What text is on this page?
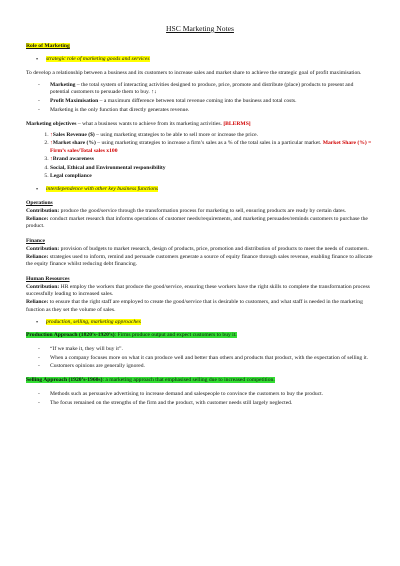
HSC Marketing Notes
Role of Marketing
• strategic role of marketing goods and services

To develop a relationship between a business and its customers to increase sales and market share to achieve the strategic goal of profit maximisation.

- Marketing – the total system of interacting activities designed to produce, price, promote and distribute (place) products to present and potential customers to persuade them to buy. ↑↓
- Profit Maximisation – a maximum difference between total revenue coming into the business and total costs.
- Marketing is the only function that directly generates revenue.

Marketing objectives – what a business wants to achieve from its marketing activities. [BLERMS]

1. ↑Sales Revenue ($) – using marketing strategies to be able to sell more or increase the price.
2. ↑Market share (%) – using marketing strategies to increase a firm’s sales as a % of the total sales in a particular market. Market Share (%) = Firm’s sales/Total sales x100
3. ↑Brand awareness
4. Social, Ethical and Environmental responsibility
5. Legal compliance
• interdependence with other key business functions
Operations

Contribution: produce the good/service through the transformation process for marketing to sell, ensuring products are ready by certain dates.

Reliance: conduct market research that informs operations of customer needs/requirements, and marketing persuades/reminds customers to purchase the product.

Finance

Contribution: provision of budgets to market research, design of products, price, promotion and distribution of products to meet the needs of customers.

Reliance: strategies used to inform, remind and persuade customers generate a source of equity finance through sales revenue, enabling finance to allocate the equity finance whilst reducing debt financing.

Human Resources

Contribution: HR employ the workers that produce the good/service, ensuring these workers have the right skills to complete the transformation process successfully leading to increased sales.

Reliance: to ensure that the right staff are employed to create the good/service that is desirable to customers, and what staff is needed in the marketing function as they set the volume of sales.

• production, selling, marketing approaches
Production Approach (1820’s-1920’s): Firms produce output and expect customers to buy it.
- “If we make it, they will buy it”.
- When a company focuses more on what it can produce well and better than others and products that product, with the expectation of selling it.
- Customers opinions are generally ignored.
Selling Approach (1920’s-1960s): a marketing approach that emphasised selling due to increased competition.
- Methods such as persuasive advertising to increase demand and salespeople to convince the customers to buy the product.
- The focus remained on the strengths of the firm and the product, with customer needs still largely neglected.
